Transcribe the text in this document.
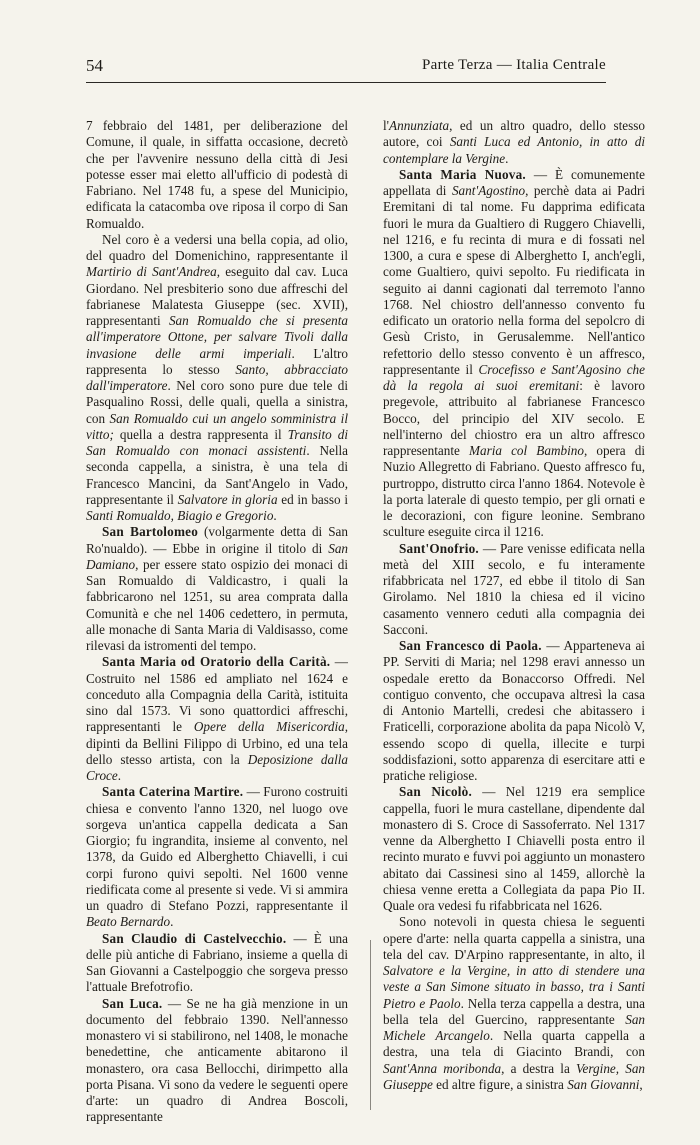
54	Parte Terza — Italia Centrale

7 febbraio del 1481, per deliberazione del Comune, il quale, in siffatta occasione, decretò che per l'avvenire nessuno della città di Jesi potesse esser mai eletto all'ufficio di podestà di Fabriano. Nel 1748 fu, a spese del Municipio, edificata la catacomba ove riposa il corpo di San Romualdo.

Nel coro è a vedersi una bella copia, ad olio, del quadro del Domenichino, rappresentante il Martirio di Sant'Andrea, eseguito dal cav. Luca Giordano. Nel presbiterio sono due affreschi del fabrianese Malatesta Giuseppe (sec. XVII), rappresentanti San Romualdo che si presenta all'imperatore Ottone, per salvare Tivoli dalla invasione delle armi imperiali. L'altro rappresenta lo stesso Santo, abbracciato dall'imperatore. Nel coro sono pure due tele di Pasqualino Rossi, delle quali, quella a sinistra, con San Romualdo cui un angelo somministra il vitto; quella a destra rappresenta il Transito di San Romualdo con monaci assistenti. Nella seconda cappella, a sinistra, è una tela di Francesco Mancini, da Sant'Angelo in Vado, rappresentante il Salvatore in gloria ed in basso i Santi Romualdo, Biagio e Gregorio.

San Bartolomeo (volgarmente detta di San Ro'nualdo). — Ebbe in origine il titolo di San Damiano, per essere stato ospizio dei monaci di San Romualdo di Valdicastro, i quali la fabbricarono nel 1251, su area comprata dalla Comunità e che nel 1406 cedettero, in permuta, alle monache di Santa Maria di Valdisasso, come rilevasi da istromenti del tempo.

Santa Maria od Oratorio della Carità. — Costruito nel 1586 ed ampliato nel 1624 e conceduto alla Compagnia della Carità, istituita sino dal 1573. Vi sono quattordici affreschi, rappresentanti le Opere della Misericordia, dipinti da Bellini Filippo di Urbino, ed una tela dello stesso artista, con la Deposizione dalla Croce.

Santa Caterina Martire. — Furono costruiti chiesa e convento l'anno 1320, nel luogo ove sorgeva un'antica cappella dedicata a San Giorgio; fu ingrandita, insieme al convento, nel 1378, da Guido ed Alberghetto Chiavelli, i cui corpi furono quivi sepolti. Nel 1600 venne riedificata come al presente si vede. Vi si ammira un quadro di Stefano Pozzi, rappresentante il Beato Bernardo.

San Claudio di Castelvecchio. — È una delle più antiche di Fabriano, insieme a quella di San Giovanni a Castelpoggio che sorgeva presso l'attuale Brefotrofio.

San Luca. — Se ne ha già menzione in un documento del febbraio 1390. Nell'annesso monastero vi si stabilirono, nel 1408, le monache benedettine, che anticamente abitarono il monastero, ora casa Bellocchi, dirimpetto alla porta Pisana. Vi sono da vedere le seguenti opere d'arte: un quadro di Andrea Boscoli, rappresentante

l'Annunziata, ed un altro quadro, dello stesso autore, coi Santi Luca ed Antonio, in atto di contemplare la Vergine.

Santa Maria Nuova. — È comunemente appellata di Sant'Agostino, perchè data ai Padri Eremitani di tal nome. Fu dapprima edificata fuori le mura da Gualtiero di Ruggero Chiavelli, nel 1216, e fu recinta di mura e di fossati nel 1300, a cura e spese di Alberghetto I, anch'egli, come Gualtiero, quivi sepolto. Fu riedificata in seguito ai danni cagionati dal terremoto l'anno 1768. Nel chiostro dell'annesso convento fu edificato un oratorio nella forma del sepolcro di Gesù Cristo, in Gerusalemme. Nell'antico refettorio dello stesso convento è un affresco, rappresentante il Crocefisso e Sant'Agosino che dà la regola ai suoi eremitani: è lavoro pregevole, attribuito al fabrianese Francesco Bocco, del principio del XIV secolo. E nell'interno del chiostro era un altro affresco rappresentante Maria col Bambino, opera di Nuzio Allegretto di Fabriano. Questo affresco fu, purtroppo, distrutto circa l'anno 1864. Notevole è la porta laterale di questo tempio, per gli ornati e le decorazioni, con figure leonine. Sembrano sculture eseguite circa il 1216.

Sant'Onofrio. — Pare venisse edificata nella metà del XIII secolo, e fu interamente rifabbricata nel 1727, ed ebbe il titolo di San Girolamo. Nel 1810 la chiesa ed il vicino casamento vennero ceduti alla compagnia dei Sacconi.

San Francesco di Paola. — Apparteneva ai PP. Serviti di Maria; nel 1298 eravi annesso un ospedale eretto da Bonaccorso Offredi. Nel contiguo convento, che occupava altresì la casa di Antonio Martelli, credesi che abitassero i Fraticelli, corporazione abolita da papa Nicolò V, essendo scopo di quella, illecite e turpi soddisfazioni, sotto apparenza di esercitare atti e pratiche religiose.

San Nicolò. — Nel 1219 era semplice cappella, fuori le mura castellane, dipendente dal monastero di S. Croce di Sassoferrato. Nel 1317 venne da Alberghetto I Chiavelli posta entro il recinto murato e fuvvi poi aggiunto un monastero abitato dai Cassinesi sino al 1459, allorchè la chiesa venne eretta a Collegiata da papa Pio II. Quale ora vedesi fu rifabbricata nel 1626.

Sono notevoli in questa chiesa le seguenti opere d'arte: nella quarta cappella a sinistra, una tela del cav. D'Arpino rappresentante, in alto, il Salvatore e la Vergine, in atto di stendere una veste a San Simone situato in basso, tra i Santi Pietro e Paolo. Nella terza cappella a destra, una bella tela del Guercino, rappresentante San Michele Arcangelo. Nella quarta cappella a destra, una tela di Giacinto Brandi, con Sant'Anna moribonda, a destra la Vergine, San Giuseppe ed altre figure, a sinistra San Giovanni,
